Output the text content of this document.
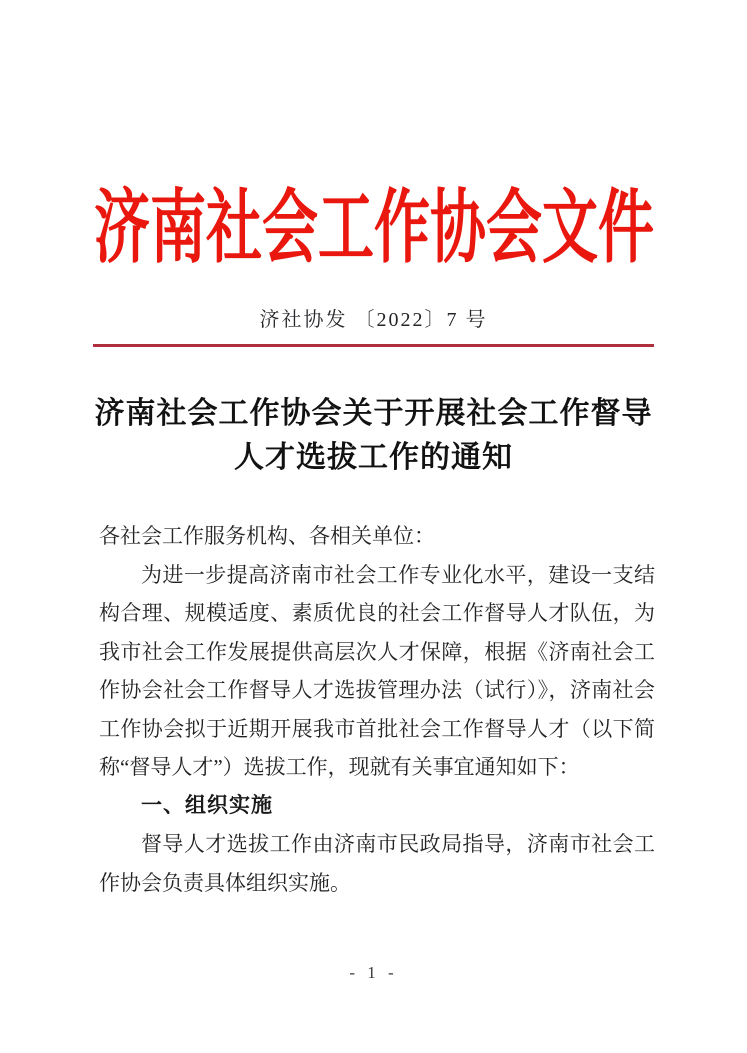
济南社会工作协会文件
济社协发 〔2022〕7 号
济南社会工作协会关于开展社会工作督导
人才选拔工作的通知

各社会工作服务机构、各相关单位：

为进一步提高济南市社会工作专业化水平，建设一支结构合理、规模适度、素质优良的社会工作督导人才队伍，为我市社会工作发展提供高层次人才保障，根据《济南社会工作协会社会工作督导人才选拔管理办法（试行）》，济南社会工作协会拟于近期开展我市首批社会工作督导人才（以下简称“督导人才”）选拔工作，现就有关事宜通知如下：

一、组织实施

督导人才选拔工作由济南市民政局指导，济南市社会工作协会负责具体组织实施。

- 1 -
